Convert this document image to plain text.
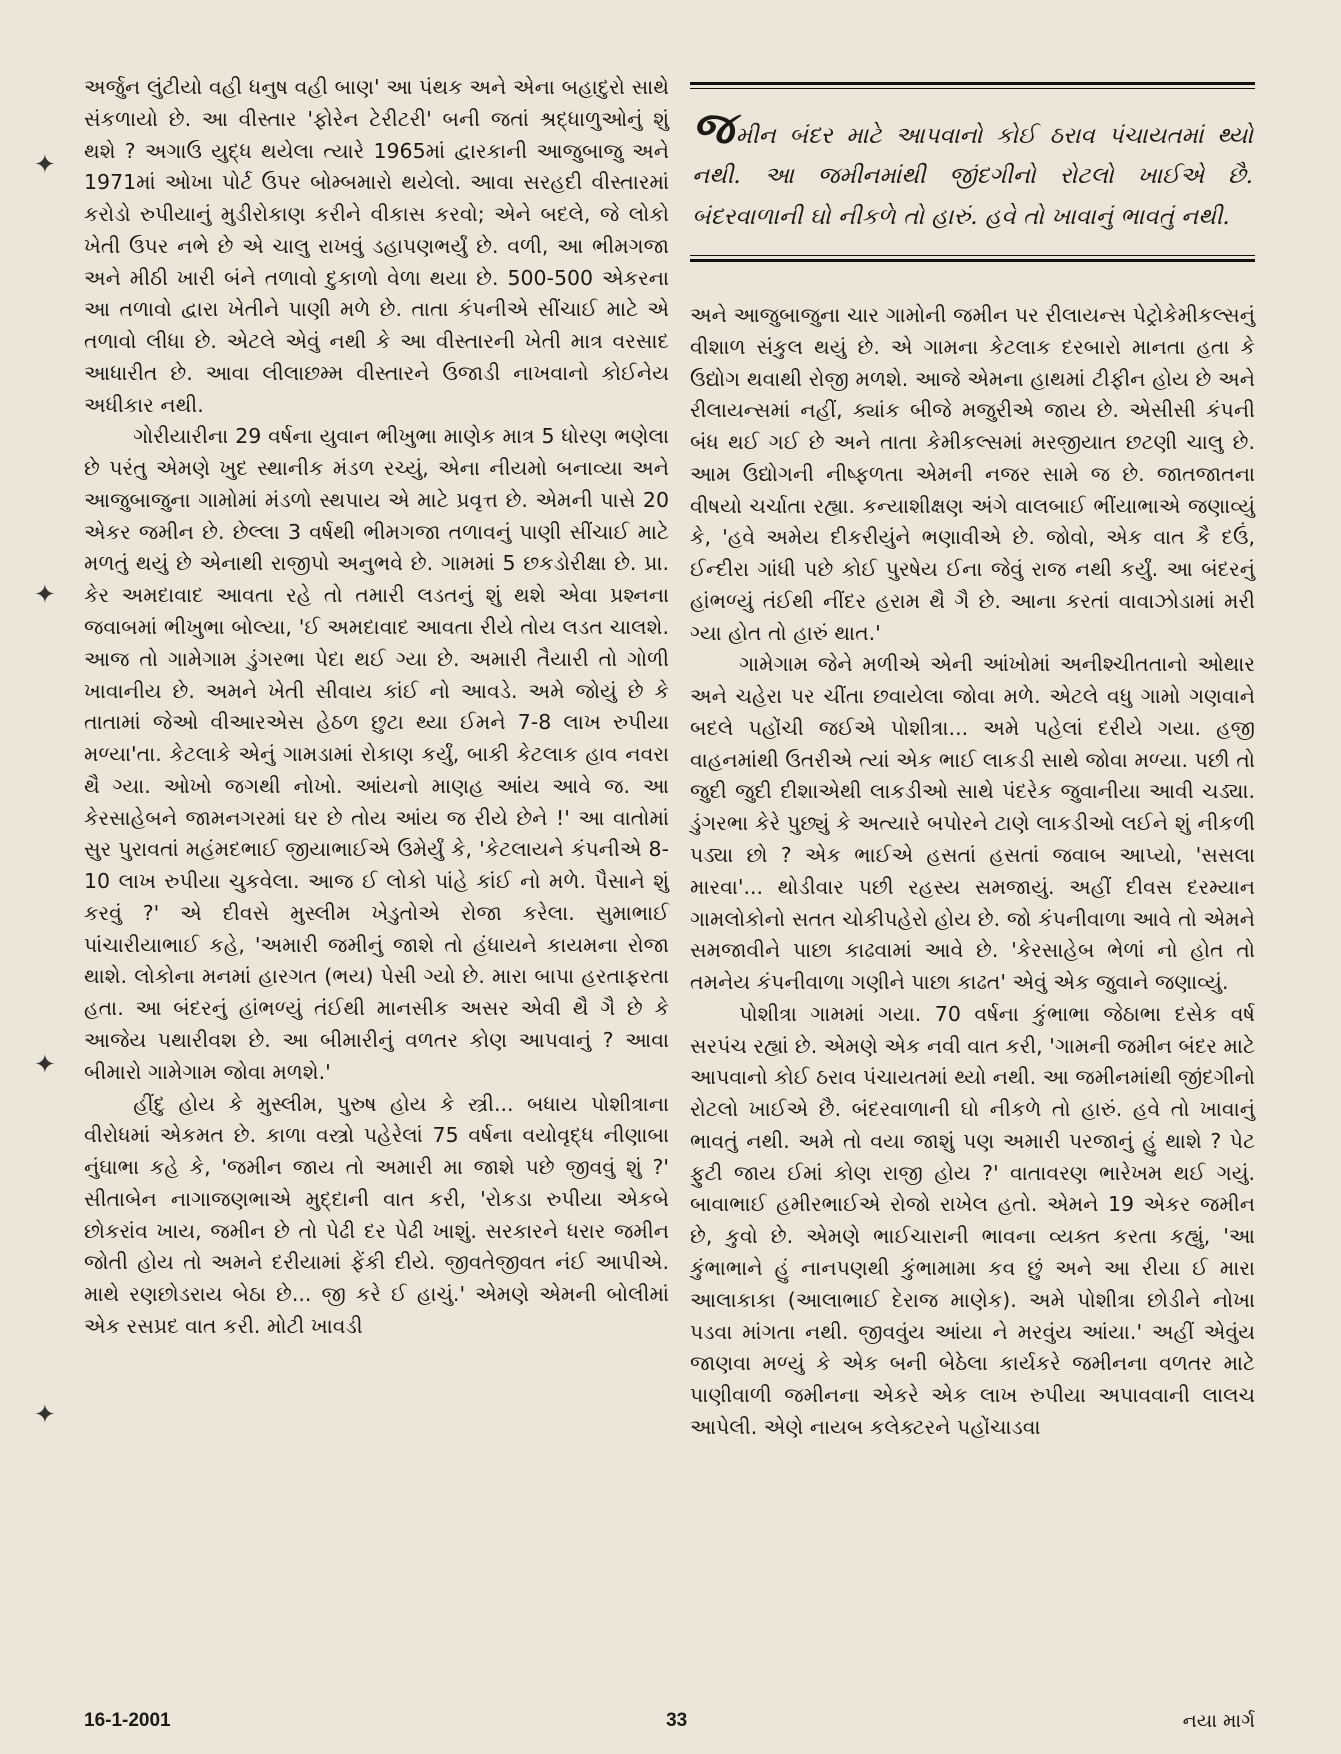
✦
✦
✦
✦

અર્જુન લુંટીયો વહી ધનુષ વહી બાણ' આ પંથક અને એના બહાદુરો સાથે સંકળાયો છે. આ વીસ્તાર 'ફોરેન ટેરીટરી' બની જતાં શ્રદ્ધાળુઓનું શું થશે ? અગાઉ યુદ્ધ થયેલા ત્યારે 1965માં દ્વારકાની આજુબાજુ અને 1971માં ઓખા પોર્ટ ઉપર બોમ્બમારો થયેલો. આવા સરહદી વીસ્તારમાં કરોડો રુપીયાનું મુડીરોકાણ કરીને વીકાસ કરવો; એને બદલે, જે લોકો ખેતી ઉપર નભે છે એ ચાલુ રાખવું ડહાપણભર્યું છે. વળી, આ ભીમગજા અને મીઠી ખારી બંને તળાવો દુકાળો વેળા થયા છે. 500-500 એકરના આ તળાવો દ્વારા ખેતીને પાણી મળે છે. તાતા કંપનીએ સીંચાઈ માટે એ તળાવો લીધા છે. એટલે એવું નથી કે આ વીસ્તારની ખેતી માત્ર વરસાદ આધારીત છે. આવા લીલાછમ્મ વીસ્તારને ઉજાડી નાખવાનો કોઈનેય અધીકાર નથી.

ગોરીયારીના 29 વર્ષના યુવાન ભીખુભા માણેક માત્ર 5 ધોરણ ભણેલા છે પરંતુ એમણે ખુદ સ્થાનીક મંડળ રચ્યું, એના નીયમો બનાવ્યા અને આજુબાજુના ગામોમાં મંડળો સ્થપાય એ માટે પ્રવૃત્ત છે. એમની પાસે 20 એકર જમીન છે. છેલ્લા 3 વર્ષથી ભીમગજા તળાવનું પાણી સીંચાઈ માટે મળતું થયું છે એનાથી રાજીપો અનુભવે છે. ગામમાં 5 છકડોરીક્ષા છે. પ્રા. કેર અમદાવાદ આવતા રહે તો તમારી લડતનું શું થશે એવા પ્રશ્નના જવાબમાં ભીખુભા બોલ્યા, 'ઈ અમદાવાદ આવતા રીયે તોય લડત ચાલશે. આજ તો ગામેગામ ડુંગરભા પેદા થઈ ગ્યા છે. અમારી તૈયારી તો ગોળી ખાવાનીય છે. અમને ખેતી સીવાય કાંઈ નો આવડે. અમે જોયું છે કે તાતામાં જેઓ વીઆરએસ હેઠળ છુટા થ્યા ઈમને 7-8 લાખ રુપીયા મળ્યા'તા. કેટલાકે એનું ગામડામાં રોકાણ કર્યું, બાકી કેટલાક હાવ નવરા થૈ ગ્યા. ઓખો જગથી નોખો. આંયનો માણહ આંય આવે જ. આ કેરસાહેબને જામનગરમાં ઘર છે તોય આંય જ રીયે છેને !' આ વાતોમાં સુર પુરાવતાં મહંમદભાઈ જીયાભાઈએ ઉમેર્યું કે, 'કેટલાયને કંપનીએ 8-10 લાખ રુપીયા ચુકવેલા. આજ ઈ લોકો પાંહે કાંઈ નો મળે. પૈસાને શું કરવું ?' એ દીવસે મુસ્લીમ ખેડુતોએ રોજા કરેલા. સુમાભાઈ પાંચારીયાભાઈ કહે, 'અમારી જમીનું જાશે તો હંધાયને કાયમના રોજા થાશે. લોકોના મનમાં હારગત (ભય) પેસી ગ્યો છે. મારા બાપા હરતાફરતા હતા. આ બંદરનું હાંભળ્યું તંઈથી માનસીક અસર એવી થૈ ગૈ છે કે આજેય પથારીવશ છે. આ બીમારીનું વળતર કોણ આપવાનું ? આવા બીમારો ગામેગામ જોવા મળશે.'

હીંદુ હોય કે મુસ્લીમ, પુરુષ હોય કે સ્ત્રી... બધાય પોશીત્રાના વીરોધમાં એકમત છે. કાળા વસ્ત્રો પહેરેલાં 75 વર્ષના વયોવૃદ્ધ નીણાબા નુંઘાભા કહે કે, 'જમીન જાય તો અમારી મા જાશે પછે જીવવું શું ?' સીતાબેન નાગાજણભાએ મુદ્દાની વાત કરી, 'રોકડા રુપીયા એકબે છોકરાંવ ખાય, જમીન છે તો પેઢી દર પેઢી ખાશું. સરકારને ધરાર જમીન જોતી હોય તો અમને દરીયામાં ફેંકી દીયે. જીવતેજીવત નંઈ આપીએ. માથે રણછોડરાય બેઠા છે... જી કરે ઈ હાચું.' એમણે એમની બોલીમાં એક રસપ્રદ વાત કરી. મોટી ખાવડી

જમીન બંદર માટે આપવાનો કોઈ ઠરાવ પંચાયતમાં થ્યો નથી. આ જમીનમાંથી જીંદગીનો રોટલો ખાઈએ છૈ. બંદરવાળાની ઘો નીકળે તો હારું. હવે તો ખાવાનું ભાવતું નથી.

અને આજુબાજુના ચાર ગામોની જમીન પર રીલાયન્સ પેટ્રોકેમીકલ્સનું વીશાળ સંકુલ થયું છે. એ ગામના કેટલાક દરબારો માનતા હતા કે ઉદ્યોગ થવાથી રોજી મળશે. આજે એમના હાથમાં ટીફીન હોય છે અને રીલાયન્સમાં નહીં, ક્યાંક બીજે મજુરીએ જાય છે. એસીસી કંપની બંધ થઈ ગઈ છે અને તાતા કેમીકલ્સમાં મરજીયાત છટણી ચાલુ છે. આમ ઉદ્યોગની નીષ્ફળતા એમની નજર સામે જ છે. જાતજાતના વીષયો ચર્ચાતા રહ્યા. કન્યાશીક્ષણ અંગે વાલબાઈ ભીંયાભાએ જણાવ્યું કે, 'હવે અમેય દીકરીયુંને ભણાવીએ છે. જોવો, એક વાત કૈ દઉં, ઈન્દીરા ગાંધી પછે કોઈ પુરષેય ઈના જેવું રાજ નથી કર્યું. આ બંદરનું હાંભળ્યું તંઈથી નીંદર હરામ થૈ ગૈ છે. આના કરતાં વાવાઝોડામાં મરી ગ્યા હોત તો હારું થાત.'

ગામેગામ જેને મળીએ એની આંખોમાં અનીશ્ચીતતાનો ઓથાર અને ચહેરા પર ચીંતા છવાયેલા જોવા મળે. એટલે વધુ ગામો ગણવાને બદલે પહોંચી જઈએ પોશીત્રા... અમે પહેલાં દરીયે ગયા. હજી વાહનમાંથી ઉતરીએ ત્યાં એક ભાઈ લાકડી સાથે જોવા મળ્યા. પછી તો જુદી જુદી દીશાએથી લાકડીઓ સાથે પંદરેક જુવાનીયા આવી ચડ્યા. ડુંગરભા કેરે પુછ્યું કે અત્યારે બપોરને ટાણે લાકડીઓ લઈને શું નીકળી પડ્યા છો ? એક ભાઈએ હસતાં હસતાં જવાબ આપ્યો, 'સસલા મારવા'... થોડીવાર પછી રહસ્ય સમજાયું. અહીં દીવસ દરમ્યાન ગામલોકોનો સતત ચોકીપહેરો હોય છે. જો કંપનીવાળા આવે તો એમને સમજાવીને પાછા કાઢવામાં આવે છે. 'કેરસાહેબ ભેળાં નો હોત તો તમનેય કંપનીવાળા ગણીને પાછા કાઢત' એવું એક જુવાને જણાવ્યું.

પોશીત્રા ગામમાં ગયા. 70 વર્ષના કુંભાભા જેઠાભા દસેક વર્ષ સરપંચ રહ્યાં છે. એમણે એક નવી વાત કરી, 'ગામની જમીન બંદર માટે આપવાનો કોઈ ઠરાવ પંચાયતમાં થ્યો નથી. આ જમીનમાંથી જીંદગીનો રોટલો ખાઈએ છૈ. બંદરવાળાની ઘો નીકળે તો હારું. હવે તો ખાવાનું ભાવતું નથી. અમે તો વયા જાશું પણ અમારી પરજાનું હું થાશે ? પેટ ફુટી જાય ઈમાં કોણ રાજી હોય ?' વાતાવરણ ભારેખમ થઈ ગયું. બાવાભાઈ હમીરભાઈએ રોજો રાખેલ હતો. એમને 19 એકર જમીન છે, કુવો છે. એમણે ભાઈચારાની ભાવના વ્યક્ત કરતા કહ્યું, 'આ કુંભાભાને હું નાનપણથી કુંભામામા કવ છું અને આ રીયા ઈ મારા આલાકાકા (આલાભાઈ દેરાજ માણેક). અમે પોશીત્રા છોડીને નોખા પડવા માંગતા નથી. જીવવુંય આંયા ને મરવુંય આંયા.' અહીં એવુંય જાણવા મળ્યું કે એક બની બેઠેલા કાર્યકરે જમીનના વળતર માટે પાણીવાળી જમીનના એકરે એક લાખ રુપીયા અપાવવાની લાલચ આપેલી. એણે નાયબ કલેક્ટરને પહોંચાડવા

16-1-2001	33	નયા માર્ગ
